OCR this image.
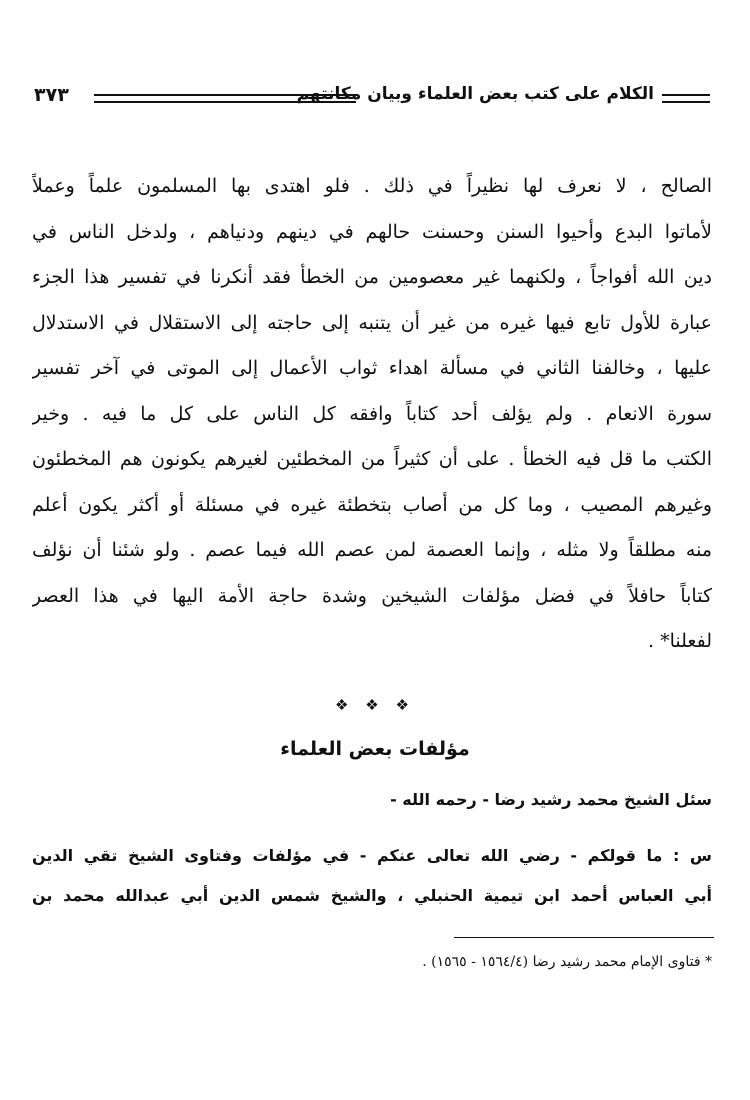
الكلام على كتب بعض العلماء وبيان مكانتهم
٣٧٣
الصالح ، لا نعرف لها نظيراً في ذلك . فلو اهتدى بها المسلمون علماً وعملاً
لأماتوا البدع وأحيوا السنن وحسنت حالهم في دينهم ودنياهم ، ولدخل الناس في
دين الله أفواجاً ، ولكنهما غير معصومين من الخطأ فقد أنكرنا في تفسير هذا الجزء
عبارة للأول تابع فيها غيره من غير أن يتنبه إلى حاجته إلى الاستقلال في الاستدلال
عليها ، وخالفنا الثاني في مسألة اهداء ثواب الأعمال إلى الموتى في آخر تفسير
سورة الانعام . ولم يؤلف أحد كتاباً وافقه كل الناس على كل ما فيه . وخير
الكتب ما قل فيه الخطأ . على أن كثيراً من المخطئين لغيرهم يكونون هم المخطئون
وغيرهم المصيب ، وما كل من أصاب بتخطئة غيره في مسئلة أو أكثر يكون أعلم
منه مطلقاً ولا مثله ، وإنما العصمة لمن عصم الله فيما عصم . ولو شئنا أن نؤلف
كتاباً حافلاً في فضل مؤلفات الشيخين وشدة حاجة الأمة اليها في هذا العصر
لفعلنا* .
❖ ❖ ❖
مؤلفات بعض العلماء
سئل الشيخ محمد رشيد رضا - رحمه الله -
س : ما قولكم - رضي الله تعالى عنكم - في مؤلفات وفتاوى الشيخ تقي الدين
أبي العباس أحمد ابن تيمية الحنبلي ، والشيخ شمس الدين أبي عبدالله محمد بن
* فتاوى الإمام محمد رشيد رضا (١٥٦٤/٤ - ١٥٦٥) .
